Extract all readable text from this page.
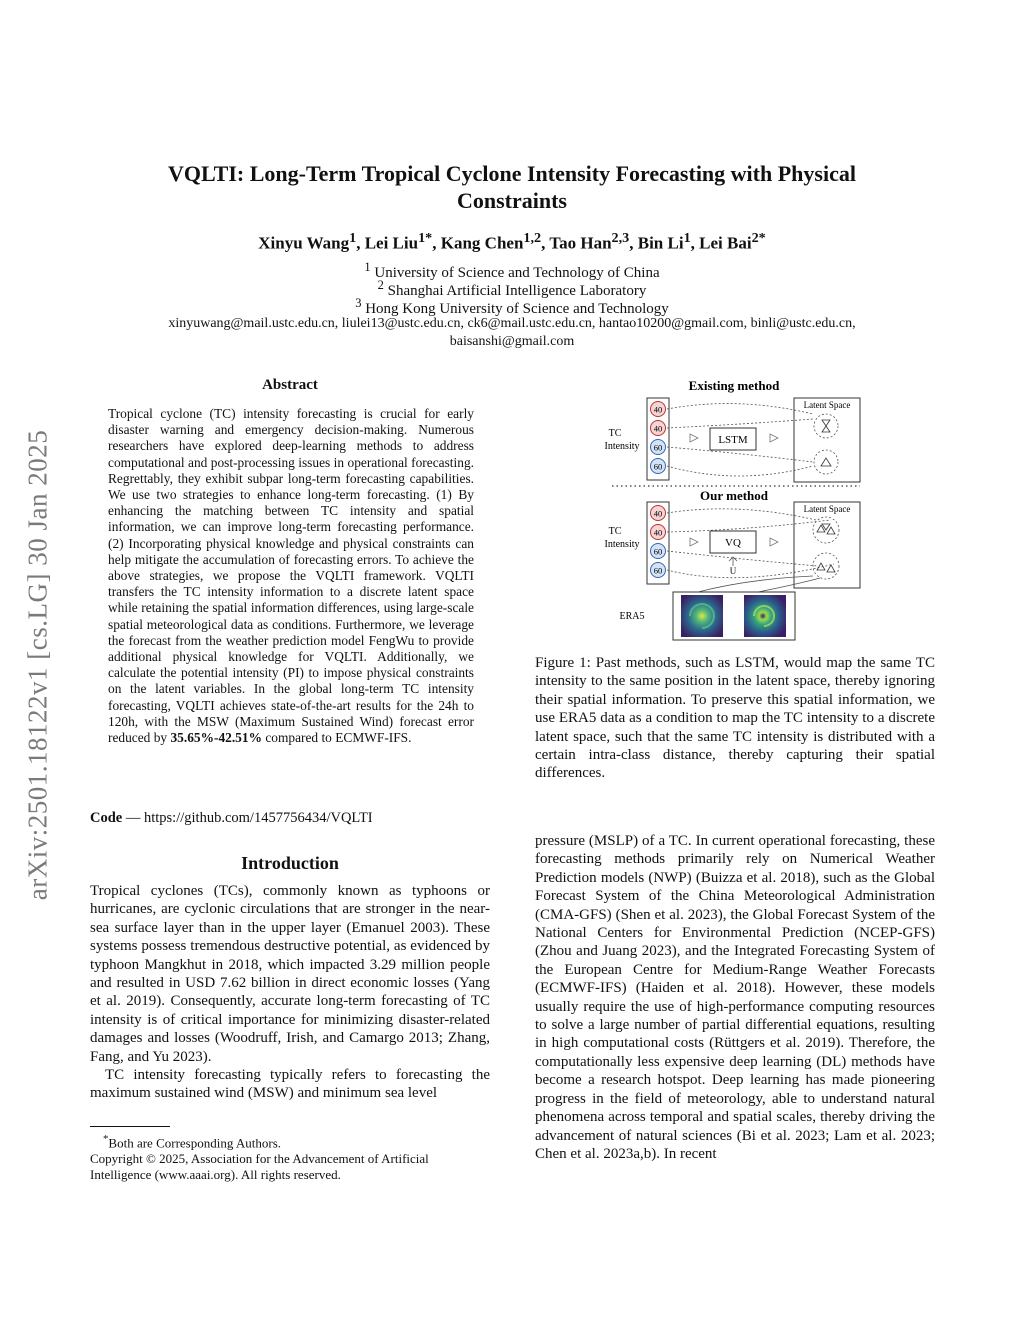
arXiv:2501.18122v1 [cs.LG] 30 Jan 2025
VQLTI: Long-Term Tropical Cyclone Intensity Forecasting with Physical Constraints
Xinyu Wang$^1$, Lei Liu$^{1*}$, Kang Chen$^{1,2}$, Tao Han$^{2,3}$, Bin Li$^1$, Lei Bai$^{2*}$
$^1$ University of Science and Technology of China
$^2$ Shanghai Artificial Intelligence Laboratory
$^3$ Hong Kong University of Science and Technology
xinyuwang@mail.ustc.edu.cn, liulei13@ustc.edu.cn, ck6@mail.ustc.edu.cn, hantao10200@gmail.com, binli@ustc.edu.cn,
baisanshi@gmail.com
Abstract
Tropical cyclone (TC) intensity forecasting is crucial for early disaster warning and emergency decision-making. Numerous researchers have explored deep-learning methods to address computational and post-processing issues in operational forecasting. Regrettably, they exhibit subpar long-term forecasting capabilities. We use two strategies to enhance long-term forecasting. (1) By enhancing the matching between TC intensity and spatial information, we can improve long-term forecasting performance. (2) Incorporating physical knowledge and physical constraints can help mitigate the accumulation of forecasting errors. To achieve the above strategies, we propose the VQLTI framework. VQLTI transfers the TC intensity information to a discrete latent space while retaining the spatial information differences, using large-scale spatial meteorological data as conditions. Furthermore, we leverage the forecast from the weather prediction model FengWu to provide additional physical knowledge for VQLTI. Additionally, we calculate the potential intensity (PI) to impose physical constraints on the latent variables. In the global long-term TC intensity forecasting, VQLTI achieves state-of-the-art results for the 24h to 120h, with the MSW (Maximum Sustained Wind) forecast error reduced by 35.65%-42.51% compared to ECMWF-IFS.
Code — https://github.com/1457756434/VQLTI
Introduction

Tropical cyclones (TCs), commonly known as typhoons or hurricanes, are cyclonic circulations that are stronger in the near-sea surface layer than in the upper layer (Emanuel 2003). These systems possess tremendous destructive potential, as evidenced by typhoon Mangkhut in 2018, which impacted 3.29 million people and resulted in USD 7.62 billion in direct economic losses (Yang et al. 2019). Consequently, accurate long-term forecasting of TC intensity is of critical importance for minimizing disaster-related damages and losses (Woodruff, Irish, and Camargo 2013; Zhang, Fang, and Yu 2023).

TC intensity forecasting typically refers to forecasting the maximum sustained wind (MSW) and minimum sea level

*Both are Corresponding Authors.
Copyright © 2025, Association for the Advancement of Artificial Intelligence (www.aaai.org). All rights reserved.
Existing method
TC
Intensity
40
40
60
60
LSTM
Latent Space
Our method
TC
Intensity
40
40
60
60
VQ
U
Latent Space
ERA5
Figure 1: Past methods, such as LSTM, would map the same TC intensity to the same position in the latent space, thereby ignoring their spatial information. To preserve this spatial information, we use ERA5 data as a condition to map the TC intensity to a discrete latent space, such that the same TC intensity is distributed with a certain intra-class distance, thereby capturing their spatial differences.

pressure (MSLP) of a TC. In current operational forecasting, these forecasting methods primarily rely on Numerical Weather Prediction models (NWP) (Buizza et al. 2018), such as the Global Forecast System of the China Meteorological Administration (CMA-GFS) (Shen et al. 2023), the Global Forecast System of the National Centers for Environmental Prediction (NCEP-GFS) (Zhou and Juang 2023), and the Integrated Forecasting System of the European Centre for Medium-Range Weather Forecasts (ECMWF-IFS) (Haiden et al. 2018). However, these models usually require the use of high-performance computing resources to solve a large number of partial differential equations, resulting in high computational costs (Rüttgers et al. 2019). Therefore, the computationally less expensive deep learning (DL) methods have become a research hotspot. Deep learning has made pioneering progress in the field of meteorology, able to understand natural phenomena across temporal and spatial scales, thereby driving the advancement of natural sciences (Bi et al. 2023; Lam et al. 2023; Chen et al. 2023a,b). In recent
